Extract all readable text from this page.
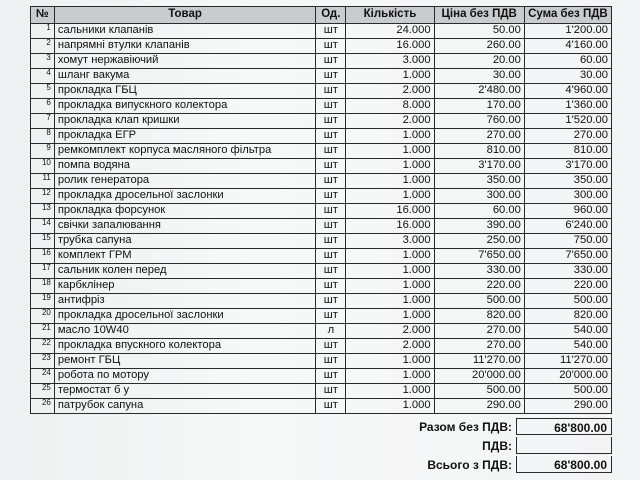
№	Товар	Од.	Кількість	Ціна без ПДВ	Сума без ПДВ
1	сальники клапанів	шт	24.000	50.00	1'200.00
2	напрямні втулки клапанів	шт	16.000	260.00	4'160.00
3	хомут нержавіючий	шт	3.000	20.00	60.00
4	шланг вакума	шт	1.000	30.00	30.00
5	прокладка ГБЦ	шт	2.000	2'480.00	4'960.00
6	прокладка випускного колектора	шт	8.000	170.00	1'360.00
7	прокладка клап кришки	шт	2.000	760.00	1'520.00
8	прокладка ЕГР	шт	1.000	270.00	270.00
9	ремкомплект корпуса масляного фільтра	шт	1.000	810.00	810.00
10	помпа водяна	шт	1.000	3'170.00	3'170.00
11	ролик генератора	шт	1.000	350.00	350.00
12	прокладка дросельної заслонки	шт	1.000	300.00	300.00
13	прокладка форсунок	шт	16.000	60.00	960.00
14	свічки запалювання	шт	16.000	390.00	6'240.00
15	трубка сапуна	шт	3.000	250.00	750.00
16	комплект ГРМ	шт	1.000	7'650.00	7'650.00
17	сальник колен перед	шт	1.000	330.00	330.00
18	карбклінер	шт	1.000	220.00	220.00
19	антифріз	шт	1.000	500.00	500.00
20	прокладка дросельної заслонки	шт	1.000	820.00	820.00
21	масло 10W40	л	2.000	270.00	540.00
22	прокладка впускного колектора	шт	2.000	270.00	540.00
23	ремонт ГБЦ	шт	1.000	11'270.00	11'270.00
24	робота по мотору	шт	1.000	20'000.00	20'000.00
25	термостат б у	шт	1.000	500.00	500.00
26	патрубок сапуна	шт	1.000	290.00	290.00
Разом без ПДВ:	68'800.00
ПДВ:
Всього з ПДВ:	68'800.00
